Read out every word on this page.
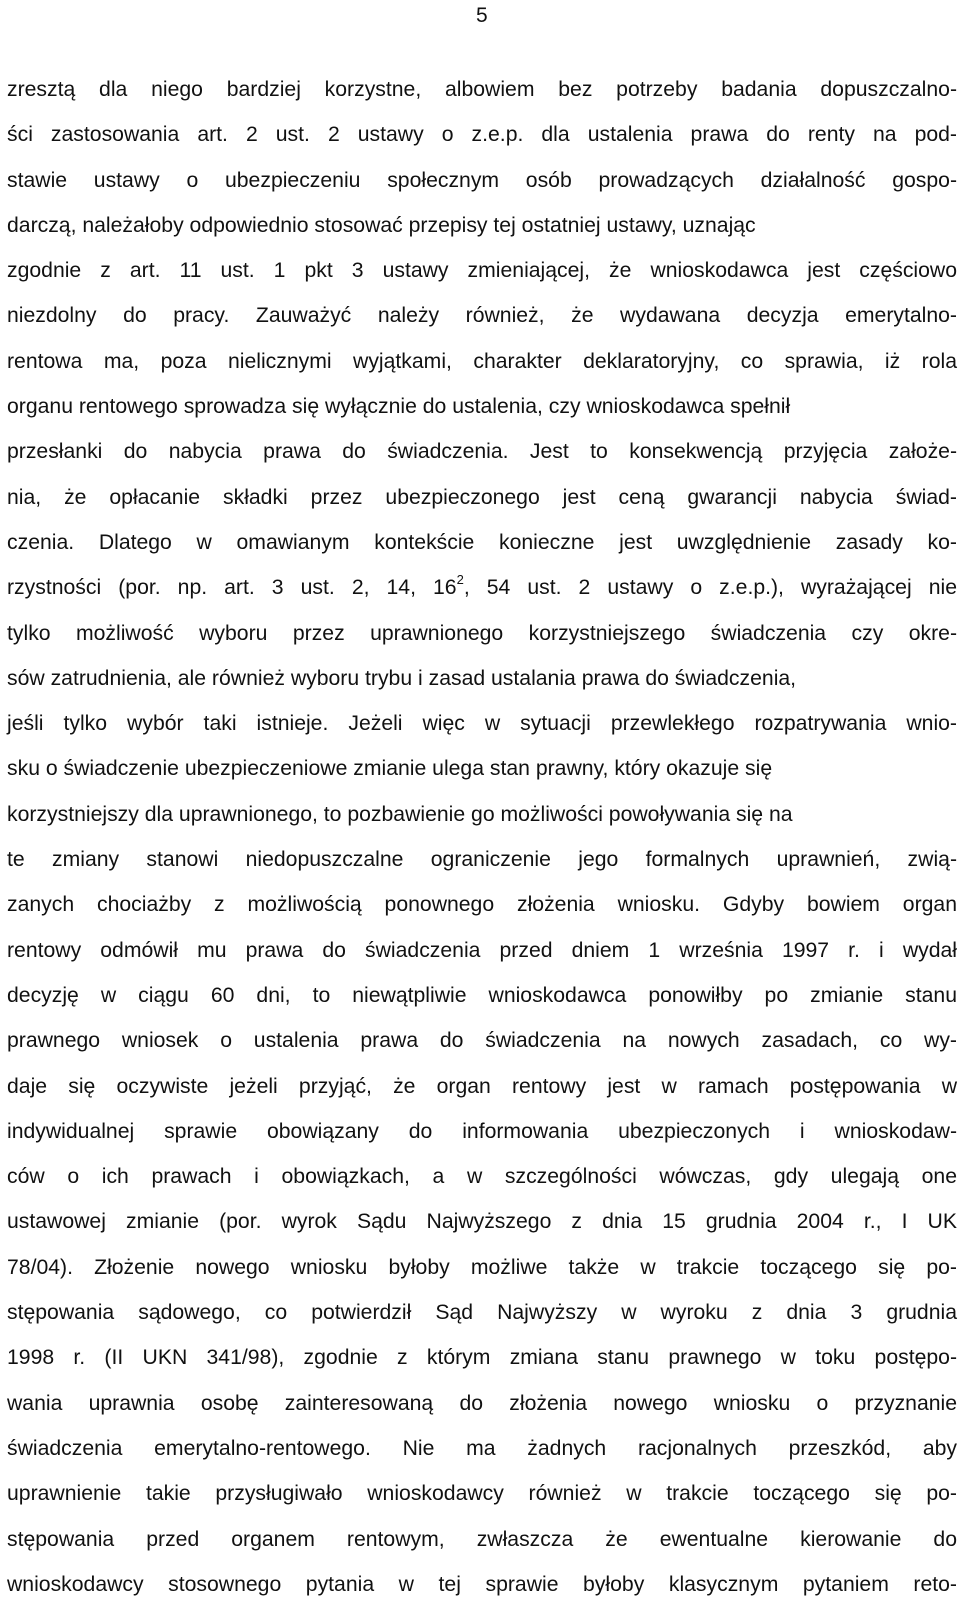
5
zresztą dla niego bardziej korzystne, albowiem bez potrzeby badania dopuszczalno-
ści zastosowania art. 2 ust. 2 ustawy o z.e.p. dla ustalenia prawa do renty na pod-
stawie ustawy o ubezpieczeniu społecznym osób prowadzących działalność gospo-
darczą, należałoby odpowiednio stosować przepisy tej ostatniej ustawy, uznając
zgodnie z art. 11 ust. 1 pkt 3 ustawy zmieniającej, że wnioskodawca jest częściowo
niezdolny do pracy. Zauważyć należy również, że wydawana decyzja emerytalno-
rentowa ma, poza nielicznymi wyjątkami, charakter deklaratoryjny, co sprawia, iż rola
organu rentowego sprowadza się wyłącznie do ustalenia, czy wnioskodawca spełnił
przesłanki do nabycia prawa do świadczenia. Jest to konsekwencją przyjęcia założe-
nia, że opłacanie składki przez ubezpieczonego jest ceną gwarancji nabycia świad-
czenia. Dlatego w omawianym kontekście konieczne jest uwzględnienie zasady ko-
rzystności (por. np. art. 3 ust. 2, 14, $16^2$, 54 ust. 2 ustawy o z.e.p.), wyrażającej nie
tylko możliwość wyboru przez uprawnionego korzystniejszego świadczenia czy okre-
sów zatrudnienia, ale również wyboru trybu i zasad ustalania prawa do świadczenia,
jeśli tylko wybór taki istnieje. Jeżeli więc w sytuacji przewlekłego rozpatrywania wnio-
sku o świadczenie ubezpieczeniowe zmianie ulega stan prawny, który okazuje się
korzystniejszy dla uprawnionego, to pozbawienie go możliwości powoływania się na
te zmiany stanowi niedopuszczalne ograniczenie jego formalnych uprawnień, zwią-
zanych chociażby z możliwością ponownego złożenia wniosku. Gdyby bowiem organ
rentowy odmówił mu prawa do świadczenia przed dniem 1 września 1997 r. i wydał
decyzję w ciągu 60 dni, to niewątpliwie wnioskodawca ponowiłby po zmianie stanu
prawnego wniosek o ustalenia prawa do świadczenia na nowych zasadach, co wy-
daje się oczywiste jeżeli przyjąć, że organ rentowy jest w ramach postępowania w
indywidualnej sprawie obowiązany do informowania ubezpieczonych i wnioskodaw-
ców o ich prawach i obowiązkach, a w szczególności wówczas, gdy ulegają one
ustawowej zmianie (por. wyrok Sądu Najwyższego z dnia 15 grudnia 2004 r., I UK
78/04). Złożenie nowego wniosku byłoby możliwe także w trakcie toczącego się po-
stępowania sądowego, co potwierdził Sąd Najwyższy w wyroku z dnia 3 grudnia
1998 r. (II UKN 341/98), zgodnie z którym zmiana stanu prawnego w toku postępo-
wania uprawnia osobę zainteresowaną do złożenia nowego wniosku o przyznanie
świadczenia emerytalno-rentowego. Nie ma żadnych racjonalnych przeszkód, aby
uprawnienie takie przysługiwało wnioskodawcy również w trakcie toczącego się po-
stępowania przed organem rentowym, zwłaszcza że ewentualne kierowanie do
wnioskodawcy stosownego pytania w tej sprawie byłoby klasycznym pytaniem reto-
